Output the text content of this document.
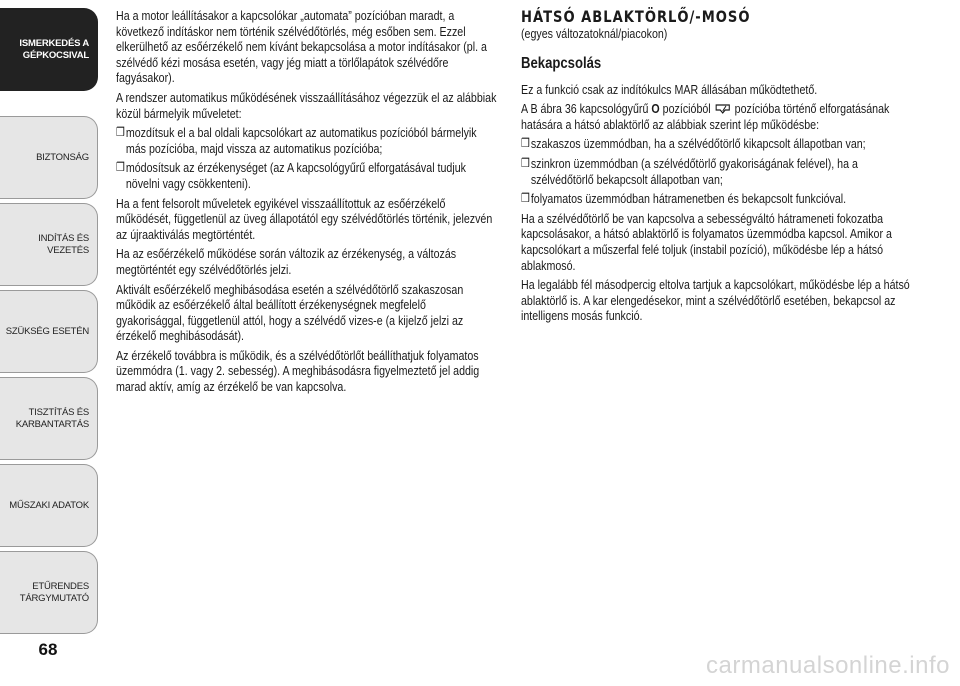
ISMERKEDÉS A
GÉPKOCSIVAL
BIZTONSÁG
INDÍTÁS ÉS VEZETÉS
SZÜKSÉG ESETÉN
TISZTÍTÁS ÉS
KARBANTARTÁS
MŰSZAKI ADATOK
ETŰRENDES
TÁRGYMUTATÓ
68

Ha a motor leállításakor a kapcsolókar „automata” pozícióban maradt, a következő indításkor nem történik szélvédőtörlés, még esőben sem. Ezzel elkerülhető az esőérzékelő nem kívánt bekapcsolása a motor indításakor (pl. a szélvédő kézi mosása esetén, vagy jég miatt a törlőlapátok szélvédőre fagyásakor).

A rendszer automatikus működésének visszaállításához végezzük el az alábbiak közül bármelyik műveletet:

❒ mozdítsuk el a bal oldali kapcsolókart az automatikus pozícióból bármelyik más pozícióba, majd vissza az automatikus pozícióba;
❒ módosítsuk az érzékenységet (az A kapcsológyűrű elforgatásával tudjuk növelni vagy csökkenteni).

Ha a fent felsorolt műveletek egyikével visszaállítottuk az esőérzékelő működését, függetlenül az üveg állapotától egy szélvédőtörlés történik, jelezvén az újraaktiválás megtörténtét.

Ha az esőérzékelő működése során változik az érzékenység, a változás megtörténtét egy szélvédőtörlés jelzi.

Aktivált esőérzékelő meghibásodása esetén a szélvédőtörlő szakaszosan működik az esőérzékelő által beállított érzékenységnek megfelelő gyakorisággal, függetlenül attól, hogy a szélvédő vizes-e (a kijelző jelzi az érzékelő meghibásodását).

Az érzékelő továbbra is működik, és a szélvédőtörlőt beállíthatjuk folyamatos üzemmódra (1. vagy 2. sebesség). A meghibásodásra figyelmeztető jel addig marad aktív, amíg az érzékelő be van kapcsolva.

HÁTSÓ ABLAKTÖRLŐ/-MOSÓ
(egyes változatoknál/piacokon)
Bekapcsolás

Ez a funkció csak az indítókulcs MAR állásában működtethető.

A B ábra 36 kapcsológyűrű O pozícióból pozícióba történő elforgatásának hatására a hátsó ablaktörlő az alábbiak szerint lép működésbe:

❒ szakaszos üzemmódban, ha a szélvédőtörlő kikapcsolt állapotban van;
❒ szinkron üzemmódban (a szélvédőtörlő gyakoriságának felével), ha a szélvédőtörlő bekapcsolt állapotban van;
❒ folyamatos üzemmódban hátramenetben és bekapcsolt funkcióval.

Ha a szélvédőtörlő be van kapcsolva a sebességváltó hátrameneti fokozatba kapcsolásakor, a hátsó ablaktörlő is folyamatos üzemmódba kapcsol. Amikor a kapcsolókart a műszerfal felé toljuk (instabil pozíció), működésbe lép a hátsó ablakmosó.

Ha legalább fél másodpercig eltolva tartjuk a kapcsolókart, működésbe lép a hátsó ablaktörlő is. A kar elengedésekor, mint a szélvédőtörlő esetében, bekapcsol az intelligens mosás funkció.

carmanualsonline.info
